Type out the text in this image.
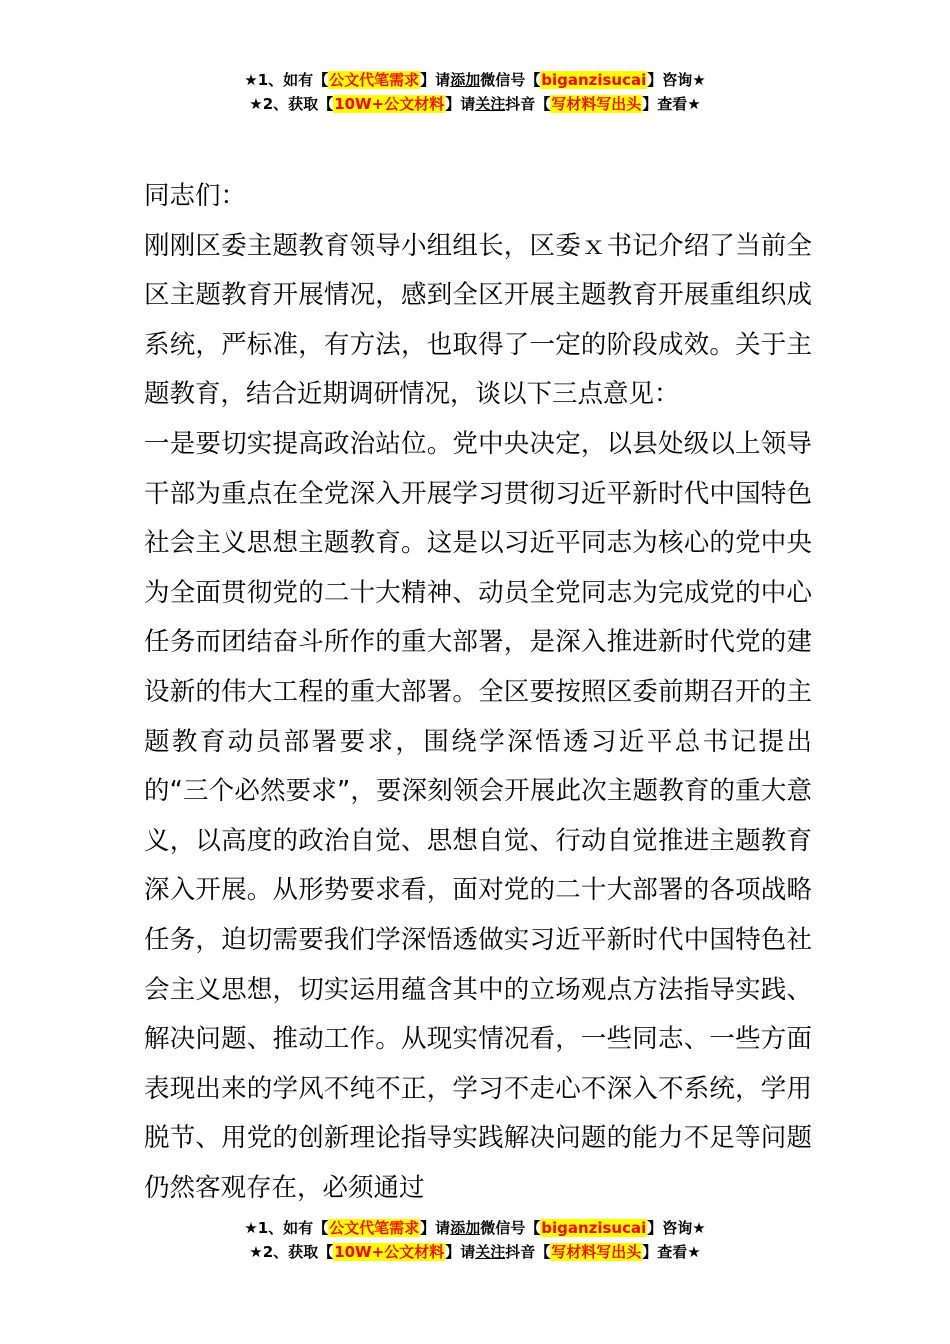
★1、如有【公文代笔需求】请添加微信号【biganzisucai】咨询★
★2、获取【10W+公文材料】请关注抖音【写材料写出头】查看★

同志们：

刚刚区委主题教育领导小组组长，区委ｘ书记介绍了当前全区主题教育开展情况，感到全区开展主题教育开展重组织成系统，严标准，有方法，也取得了一定的阶段成效。关于主题教育，结合近期调研情况，谈以下三点意见：

一是要切实提高政治站位。党中央决定，以县处级以上领导干部为重点在全党深入开展学习贯彻习近平新时代中国特色社会主义思想主题教育。这是以习近平同志为核心的党中央为全面贯彻党的二十大精神、动员全党同志为完成党的中心任务而团结奋斗所作的重大部署，是深入推进新时代党的建设新的伟大工程的重大部署。全区要按照区委前期召开的主题教育动员部署要求，围绕学深悟透习近平总书记提出的“三个必然要求”，要深刻领会开展此次主题教育的重大意义，以高度的政治自觉、思想自觉、行动自觉推进主题教育深入开展。从形势要求看，面对党的二十大部署的各项战略任务，迫切需要我们学深悟透做实习近平新时代中国特色社会主义思想，切实运用蕴含其中的立场观点方法指导实践、解决问题、推动工作。从现实情况看，一些同志、一些方面表现出来的学风不纯不正，学习不走心不深入不系统，学用脱节、用党的创新理论指导实践解决问题的能力不足等问题仍然客观存在，必须通过

★1、如有【公文代笔需求】请添加微信号【biganzisucai】咨询★
★2、获取【10W+公文材料】请关注抖音【写材料写出头】查看★
